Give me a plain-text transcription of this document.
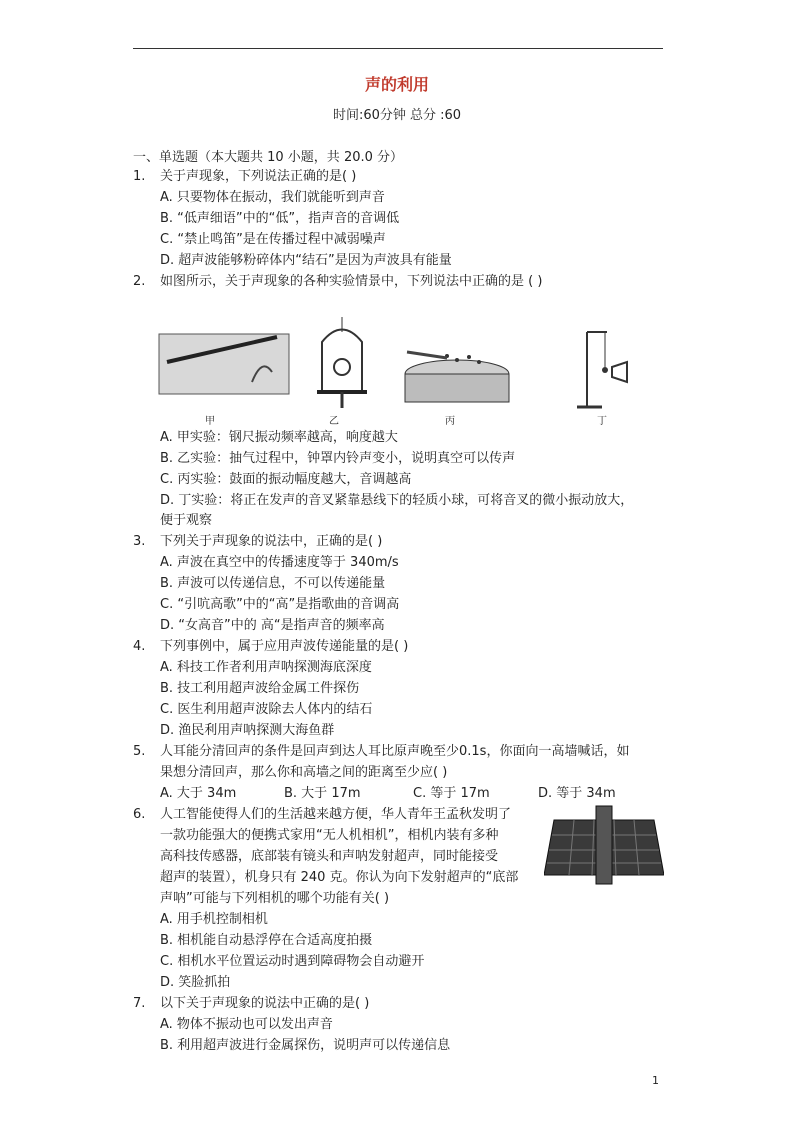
声的利用
时间:60分钟 总分 :60
一、单选题（本大题共 10 小题，共 20.0 分）
1. 关于声现象，下列说法正确的是( )
A. 只要物体在振动，我们就能听到声音
B. “低声细语”中的“低”，指声音的音调低
C. “禁止鸣笛”是在传播过程中减弱噪声
D. 超声波能够粉碎体内“结石”是因为声波具有能量
2. 如图所示，关于声现象的各种实验情景中，下列说法中正确的是 ( )
甲	乙	丙	丁
A. 甲实验：钢尺振动频率越高，响度越大
B. 乙实验：抽气过程中，钟罩内铃声变小，说明真空可以传声
C. 丙实验：鼓面的振动幅度越大，音调越高
D. 丁实验：将正在发声的音叉紧靠悬线下的轻质小球，可将音叉的微小振动放大，
便于观察
3. 下列关于声现象的说法中，正确的是( )
A. 声波在真空中的传播速度等于 340m/s
B. 声波可以传递信息，不可以传递能量
C. “引吭高歌”中的“高”是指歌曲的音调高
D. “女高音”中的 高“是指声音的频率高
4. 下列事例中，属于应用声波传递能量的是( )
A. 科技工作者利用声呐探测海底深度
B. 技工利用超声波给金属工件探伤
C. 医生利用超声波除去人体内的结石
D. 渔民利用声呐探测大海鱼群
5. 人耳能分清回声的条件是回声到达人耳比原声晚至少0.1s，你面向一高墙喊话，如
果想分清回声，那么你和高墙之间的距离至少应( )
A. 大于 34m	B. 大于 17m	C. 等于 17m	D. 等于 34m
6. 人工智能使得人们的生活越来越方便，华人青年王孟秋发明了
一款功能强大的便携式家用“无人机相机”，相机内装有多种
高科技传感器，底部装有镜头和声呐发射超声，同时能接受
超声的装置），机身只有 240 克。你认为向下发射超声的“底部
声呐”可能与下列相机的哪个功能有关( )
A. 用手机控制相机
B. 相机能自动悬浮停在合适高度拍摄
C. 相机水平位置运动时遇到障碍物会自动避开
D. 笑脸抓拍
7. 以下关于声现象的说法中正确的是( )
A. 物体不振动也可以发出声音
B. 利用超声波进行金属探伤，说明声可以传递信息
1
